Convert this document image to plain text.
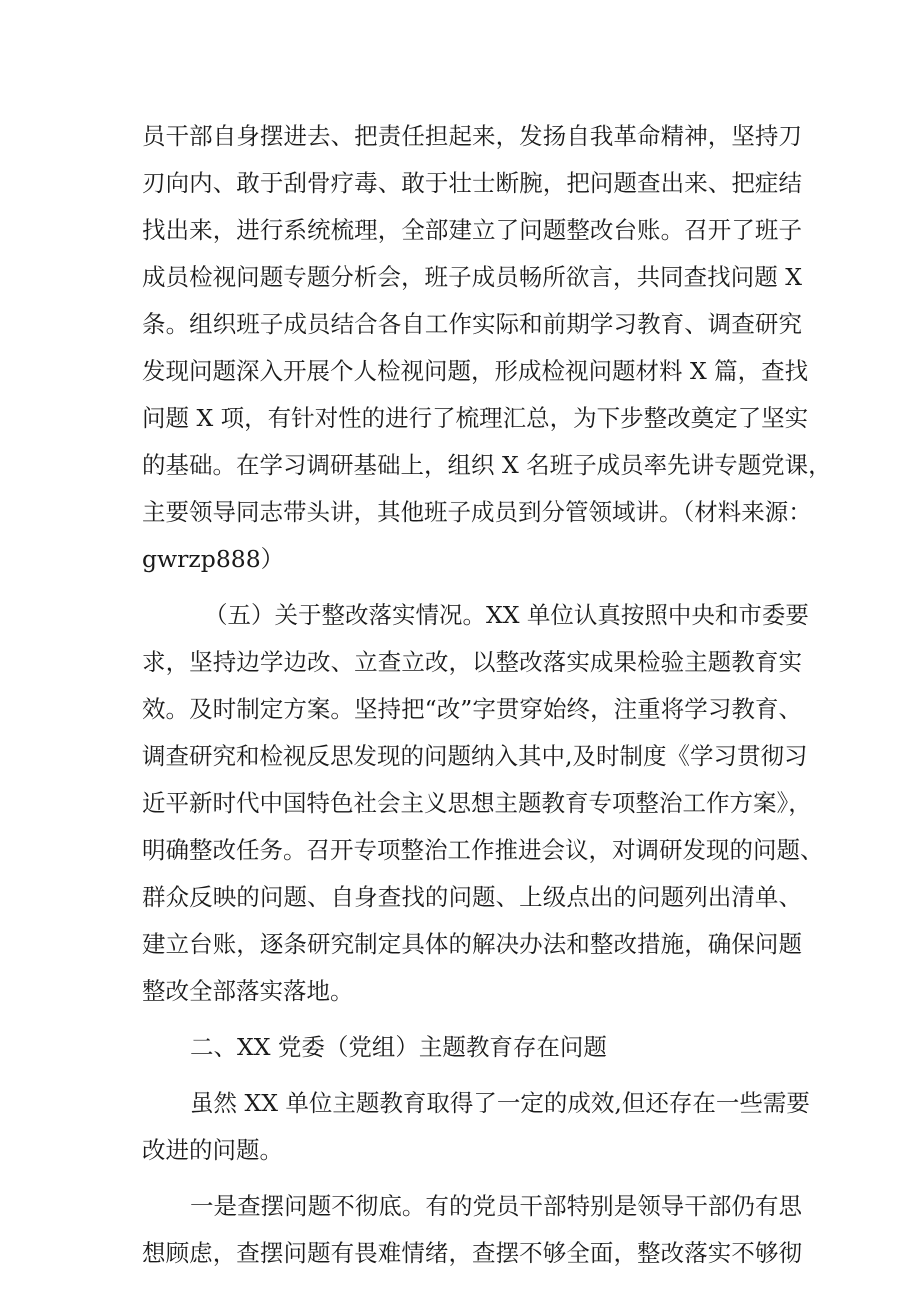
员干部自身摆进去、把责任担起来，发扬自我革命精神，坚持刀
刃向内、敢于刮骨疗毒、敢于壮士断腕，把问题查出来、把症结
找出来，进行系统梳理，全部建立了问题整改台账。召开了班子
成员检视问题专题分析会，班子成员畅所欲言，共同查找问题 X
条。组织班子成员结合各自工作实际和前期学习教育、调查研究
发现问题深入开展个人检视问题，形成检视问题材料 X 篇，查找
问题 X 项，有针对性的进行了梳理汇总，为下步整改奠定了坚实
的基础。在学习调研基础上，组织 X 名班子成员率先讲专题党课，
主要领导同志带头讲，其他班子成员到分管领域讲。（材料来源：
gwrzp888）
（五）关于整改落实情况。XX 单位认真按照中央和市委要
求，坚持边学边改、立查立改，以整改落实成果检验主题教育实
效。及时制定方案。坚持把“改”字贯穿始终，注重将学习教育、
调查研究和检视反思发现的问题纳入其中,及时制度《学习贯彻习
近平新时代中国特色社会主义思想主题教育专项整治工作方案》，
明确整改任务。召开专项整治工作推进会议，对调研发现的问题、
群众反映的问题、自身查找的问题、上级点出的问题列出清单、
建立台账，逐条研究制定具体的解决办法和整改措施，确保问题
整改全部落实落地。
二、XX 党委（党组）主题教育存在问题
虽然 XX 单位主题教育取得了一定的成效,但还存在一些需要
改进的问题。
一是查摆问题不彻底。有的党员干部特别是领导干部仍有思
想顾虑，查摆问题有畏难情绪，查摆不够全面，整改落实不够彻
